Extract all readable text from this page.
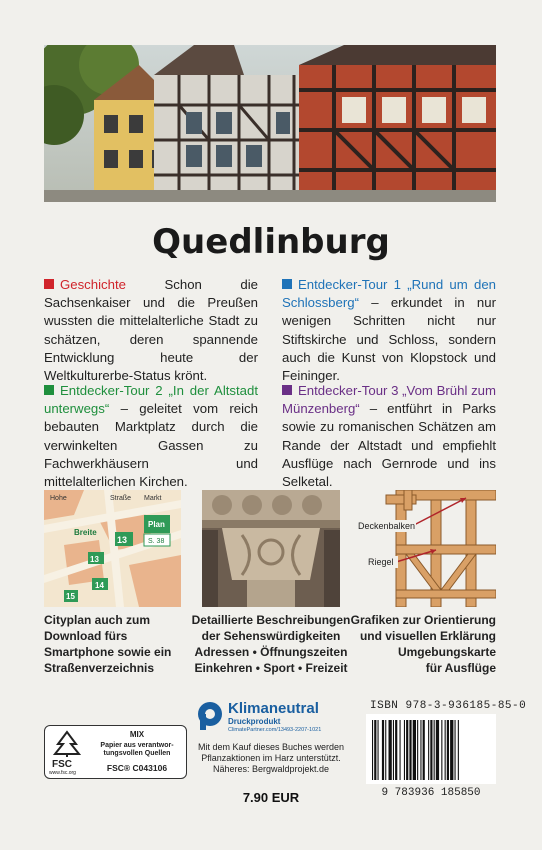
Quedlinburg

Geschichte	Schon die Sachsenkaiser und die Preußen wussten die mittelalterliche Stadt zu schätzen, deren spannende Entwicklung heute der Weltkulturerbe-Status krönt.

Entdecker-Tour 1 „Rund um den Schlossberg“ – erkundet in nur wenigen Schritten nicht nur Stiftskirche und Schloss, sondern auch die Kunst von Klopstock und Feininger.

Entdecker-Tour 2 „In der Altstadt unterwegs“ – geleitet vom reich bebauten Marktplatz durch die verwinkelten Gassen zu Fachwerkhäusern und mittelalterlichen Kirchen.

Entdecker-Tour 3 „Vom Brühl zum Münzenberg“ – entführt in Parks sowie zu romanischen Schätzen am Rande der Altstadt und empfiehlt Ausflüge nach Gernrode und ins Selketal.

Hohe	Straße Markt
Breite
Plan
S. 38
13
13
14
15
Deckenbalken
Riegel
Cityplan auch zum
Download fürs
Smartphone sowie ein
Straßenverzeichnis
Detaillierte Beschreibungen
der Sehenswürdigkeiten
Adressen • Öffnungszeiten
Einkehren • Sport • Freizeit
Grafiken zur Orientierung
und visuellen Erklärung
Umgebungskarte
für Ausflüge
FSC
www.fsc.org
MIX
Papier aus verantwor-
tungsvollen Quellen
FSC® C043106
Klimaneutral
Druckprodukt
ClimatePartner.com/13493-2207-1021
Mit dem Kauf dieses Buches werden
Pflanzaktionen im Harz unterstützt.
Näheres: Bergwaldprojekt.de
7.90 EUR
ISBN 978-3-936185-85-0
9 783936 185850
